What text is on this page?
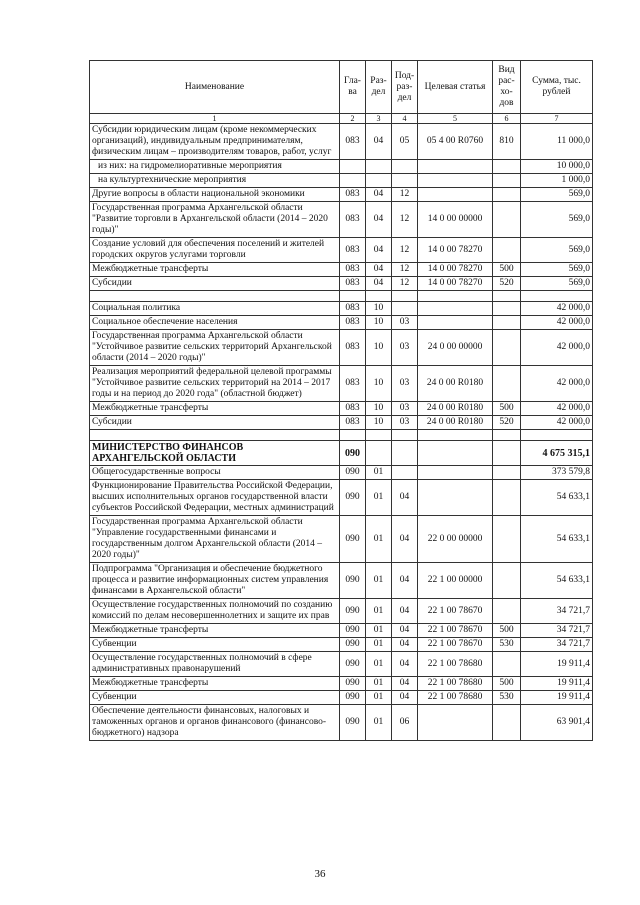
Наименование	Гла-ва	Раз-дел	Под-раз-дел	Целевая статья	Вид рас-хо-дов	Сумма, тыс. рублей
1	2	3	4	5	6	7
Субсидии юридическим лицам (кроме некоммерческих организаций), индивидуальным предпринимателям, физическим лицам – производителям товаров, работ, услуг	083	04	05	05 4 00 R0760	810	11 000,0
из них: на гидромелиоративные мероприятия						10 000,0
на культуртехнические мероприятия						1 000,0
Другие вопросы в области национальной экономики	083	04	12			569,0
Государственная программа Архангельской области "Развитие торговли в Архангельской области (2014 – 2020 годы)"	083	04	12	14 0 00 00000		569,0
Создание условий для обеспечения поселений и жителей городских округов услугами торговли	083	04	12	14 0 00 78270		569,0
Межбюджетные трансферты	083	04	12	14 0 00 78270	500	569,0
Субсидии	083	04	12	14 0 00 78270	520	569,0

Социальная политика	083	10				42 000,0
Социальное обеспечение населения	083	10	03			42 000,0
Государственная программа Архангельской области "Устойчивое развитие сельских территорий Архангельской области (2014 – 2020 годы)"	083	10	03	24 0 00 00000		42 000,0
Реализация мероприятий федеральной целевой программы "Устойчивое развитие сельских территорий на 2014 – 2017 годы и на период до 2020 года" (областной бюджет)	083	10	03	24 0 00 R0180		42 000,0
Межбюджетные трансферты	083	10	03	24 0 00 R0180	500	42 000,0
Субсидии	083	10	03	24 0 00 R0180	520	42 000,0

МИНИСТЕРСТВО ФИНАНСОВ АРХАНГЕЛЬСКОЙ ОБЛАСТИ	090					4 675 315,1
Общегосударственные вопросы	090	01				373 579,8
Функционирование Правительства Российской Федерации, высших исполнительных органов государственной власти субъектов Российской Федерации, местных администраций	090	01	04			54 633,1
Государственная программа Архангельской области "Управление государственными финансами и государственным долгом Архангельской области (2014 – 2020 годы)"	090	01	04	22 0 00 00000		54 633,1
Подпрограмма "Организация и обеспечение бюджетного процесса и развитие информационных систем управления финансами в Архангельской области"	090	01	04	22 1 00 00000		54 633,1
Осуществление государственных полномочий по созданию комиссий по делам несовершеннолетних и защите их прав	090	01	04	22 1 00 78670		34 721,7
Межбюджетные трансферты	090	01	04	22 1 00 78670	500	34 721,7
Субвенции	090	01	04	22 1 00 78670	530	34 721,7
Осуществление государственных полномочий в сфере административных правонарушений	090	01	04	22 1 00 78680		19 911,4
Межбюджетные трансферты	090	01	04	22 1 00 78680	500	19 911,4
Субвенции	090	01	04	22 1 00 78680	530	19 911,4
Обеспечение деятельности финансовых, налоговых и таможенных органов и органов финансового (финансово-бюджетного) надзора	090	01	06			63 901,4
36
